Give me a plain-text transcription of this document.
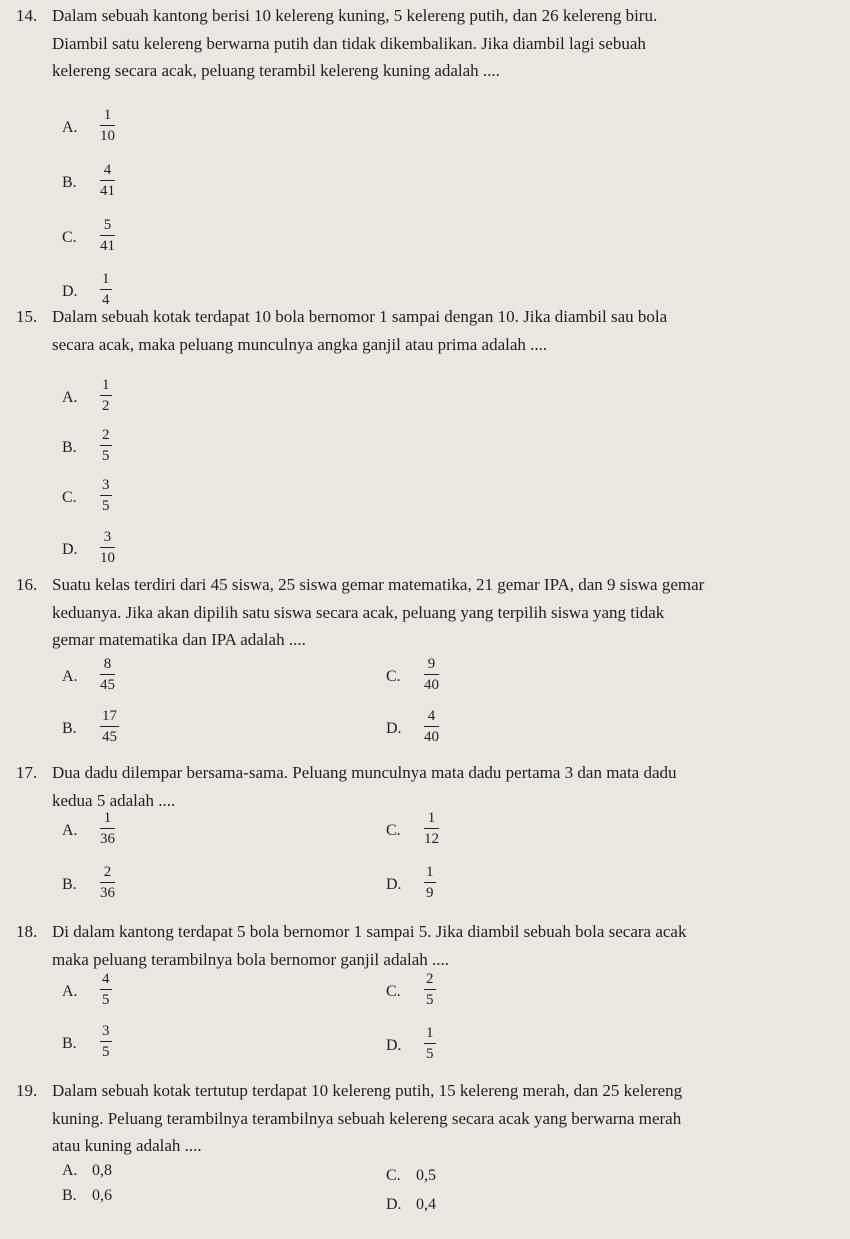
14. Dalam sebuah kantong berisi 10 kelereng kuning, 5 kelereng putih, dan 26 kelereng biru.
Diambil satu kelereng berwarna putih dan tidak dikembalikan. Jika diambil lagi sebuah
kelereng secara acak, peluang terambil kelereng kuning adalah ....
A.	$\frac{1}{10}$
B.	$\frac{4}{41}$
C.	$\frac{5}{41}$
D.	$\frac{1}{4}$
15. Dalam sebuah kotak terdapat 10 bola bernomor 1 sampai dengan 10. Jika diambil sau bola
secara acak, maka peluang munculnya angka ganjil atau prima adalah ....
A.	$\frac{1}{2}$
B.	$\frac{2}{5}$
C.	$\frac{3}{5}$
D.	$\frac{3}{10}$
16. Suatu kelas terdiri dari 45 siswa, 25 siswa gemar matematika, 21 gemar IPA, dan 9 siswa gemar
keduanya. Jika akan dipilih satu siswa secara acak, peluang yang terpilih siswa yang tidak
gemar matematika dan IPA adalah ....
A.	$\frac{8}{45}$
B.	$\frac{17}{45}$
C.	$\frac{9}{40}$
D.	$\frac{4}{40}$
17. Dua dadu dilempar bersama-sama. Peluang munculnya mata dadu pertama 3 dan mata dadu
kedua 5 adalah ....
A.	$\frac{1}{36}$
B.	$\frac{2}{36}$
C.	$\frac{1}{12}$
D.	$\frac{1}{9}$
18. Di dalam kantong terdapat 5 bola bernomor 1 sampai 5. Jika diambil sebuah bola secara acak
maka peluang terambilnya bola bernomor ganjil adalah ....
A.	$\frac{4}{5}$
B.	$\frac{3}{5}$
C.	$\frac{2}{5}$
D.	$\frac{1}{5}$
19. Dalam sebuah kotak tertutup terdapat 10 kelereng putih, 15 kelereng merah, dan 25 kelereng
kuning. Peluang terambilnya terambilnya sebuah kelereng secara acak yang berwarna merah
atau kuning adalah ....
A. 0,8
B. 0,6
C. 0,5
D. 0,4
